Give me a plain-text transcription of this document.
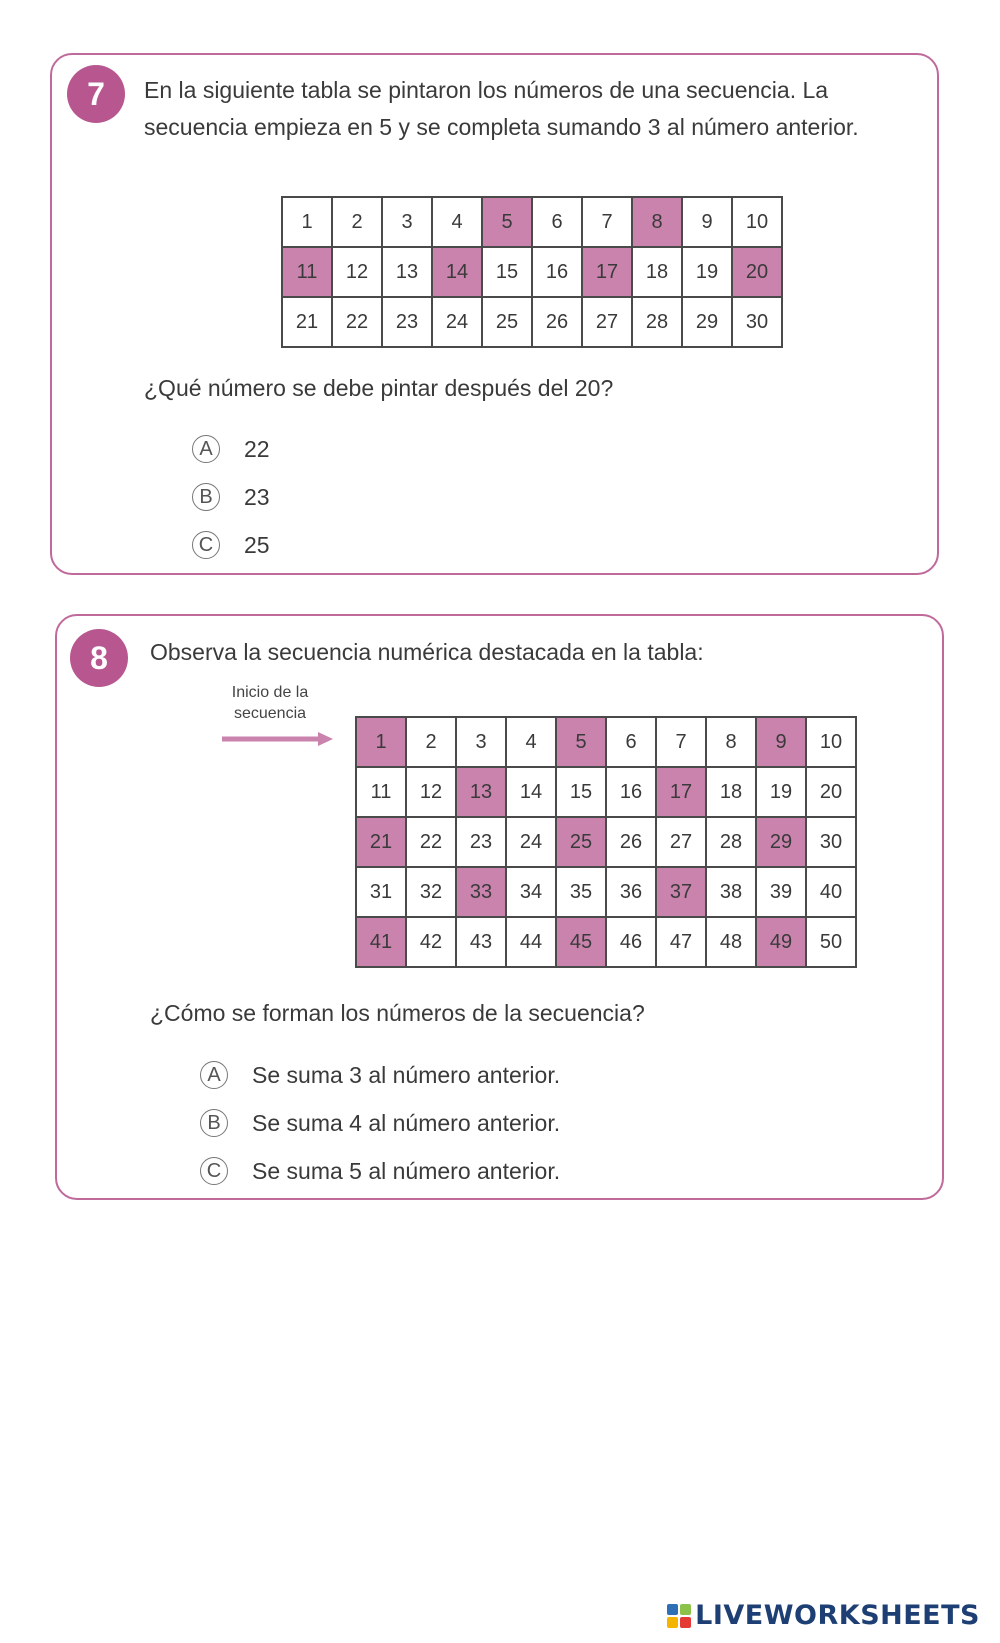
7	En la siguiente tabla se pintaron los números de una secuencia. La secuencia empieza en 5 y se completa sumando 3 al número anterior.
1	2	3	4	5	6	7	8	9	10
11	12	13	14	15	16	17	18	19	20
21	22	23	24	25	26	27	28	29	30
¿Qué número se debe pintar después del 20?
A	22
B	23
C 25
8	Observa la secuencia numérica destacada en la tabla:
Inicio de la secuencia
1	2	3	4	5	6	7	8	9	10
11	12	13	14	15	16	17	18	19	20
21	22	23	24	25	26	27	28	29	30
31	32	33	34	35	36	37	38	39	40
41	42	43	44	45	46	47	48	49	50
¿Cómo se forman los números de la secuencia?
A	Se suma 3 al número anterior.
B	Se suma 4 al número anterior.
C Se suma 5 al número anterior.
LIVEWORKSHEETS
